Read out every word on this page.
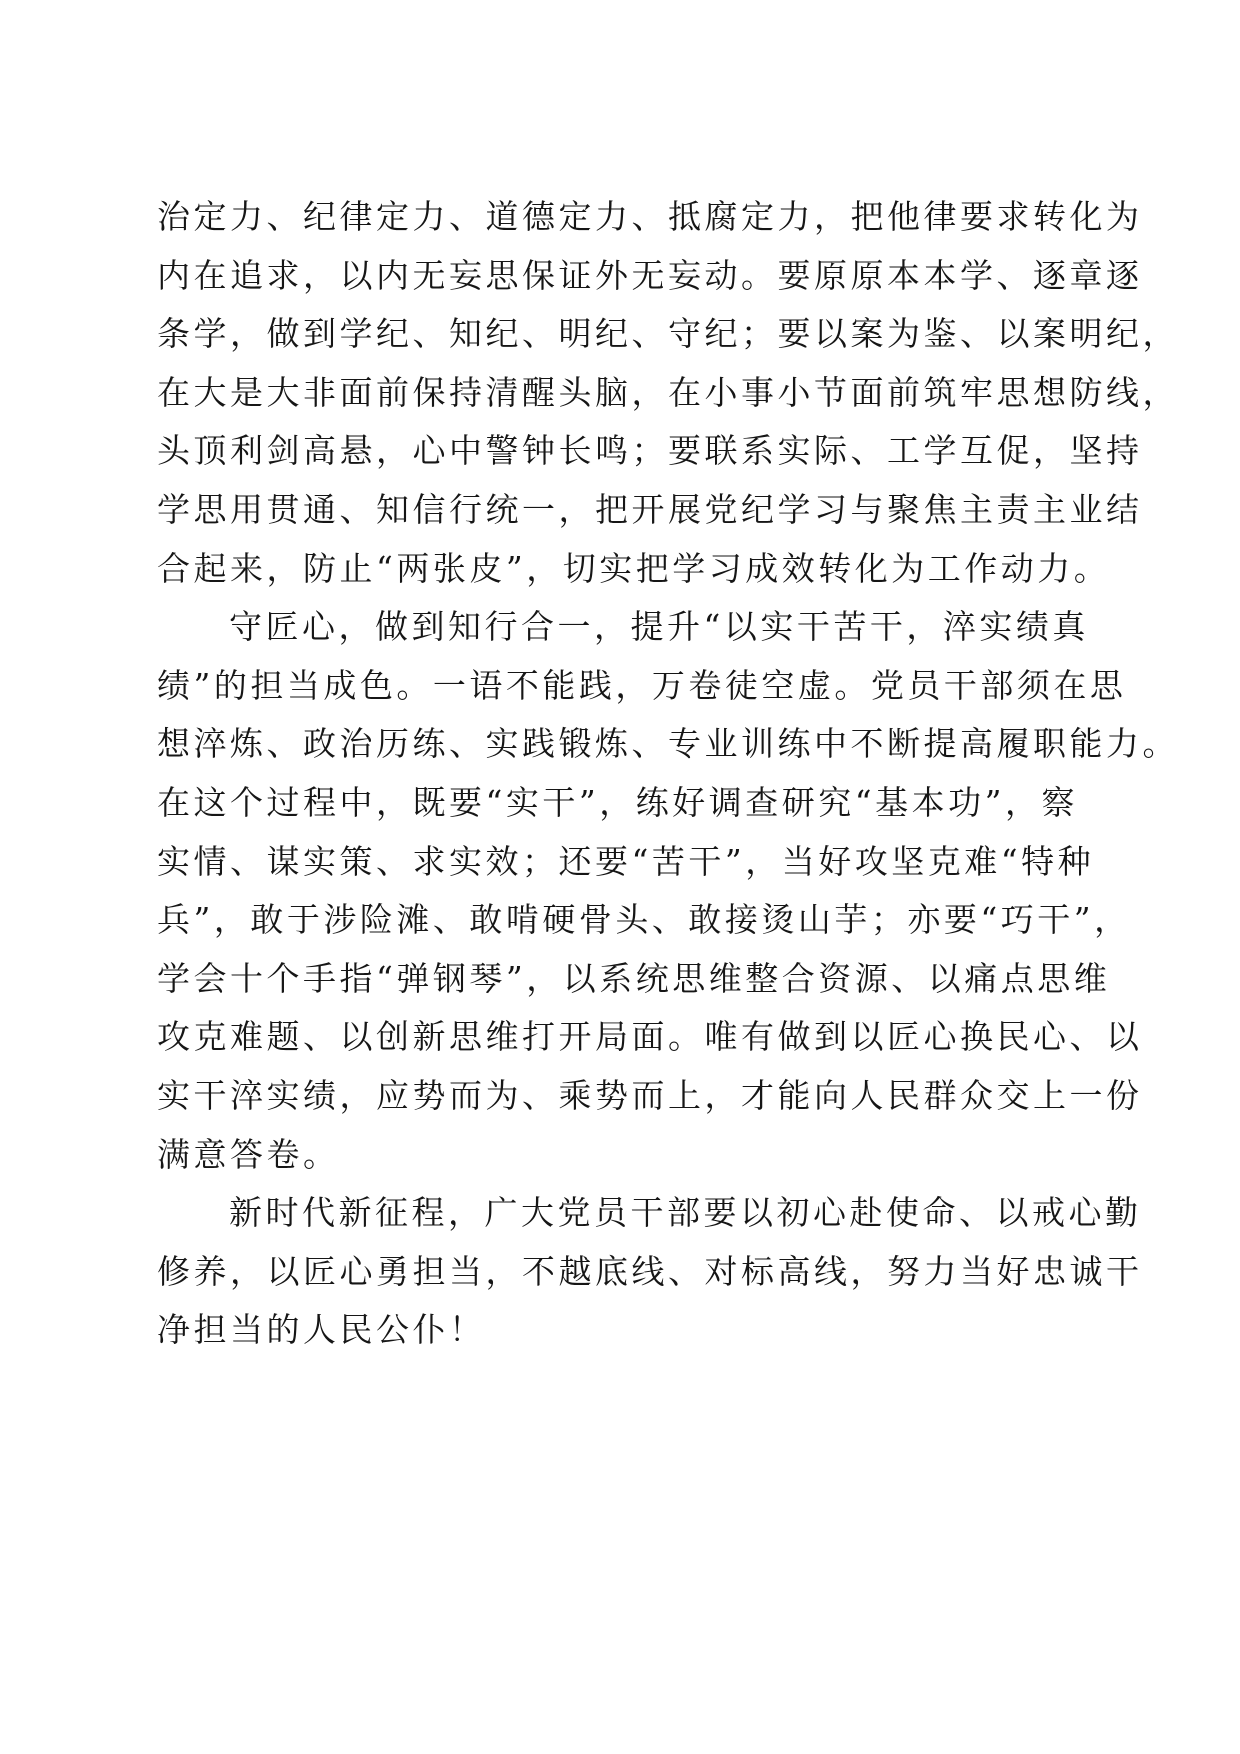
治定力、纪律定力、道德定力、抵腐定力，把他律要求转化为
内在追求，以内无妄思保证外无妄动。要原原本本学、逐章逐
条学，做到学纪、知纪、明纪、守纪；要以案为鉴、以案明纪，
在大是大非面前保持清醒头脑，在小事小节面前筑牢思想防线，
头顶利剑高悬，心中警钟长鸣；要联系实际、工学互促，坚持
学思用贯通、知信行统一，把开展党纪学习与聚焦主责主业结
合起来，防止“两张皮”，切实把学习成效转化为工作动力。
守匠心，做到知行合一，提升“以实干苦干，淬实绩真
绩”的担当成色。一语不能践，万卷徒空虚。党员干部须在思
想淬炼、政治历练、实践锻炼、专业训练中不断提高履职能力。
在这个过程中，既要“实干”，练好调查研究“基本功”，察
实情、谋实策、求实效；还要“苦干”，当好攻坚克难“特种
兵”，敢于涉险滩、敢啃硬骨头、敢接烫山芋；亦要“巧干”，
学会十个手指“弹钢琴”，以系统思维整合资源、以痛点思维
攻克难题、以创新思维打开局面。唯有做到以匠心换民心、以
实干淬实绩，应势而为、乘势而上，才能向人民群众交上一份
满意答卷。
新时代新征程，广大党员干部要以初心赴使命、以戒心勤
修养，以匠心勇担当，不越底线、对标高线，努力当好忠诚干
净担当的人民公仆！
